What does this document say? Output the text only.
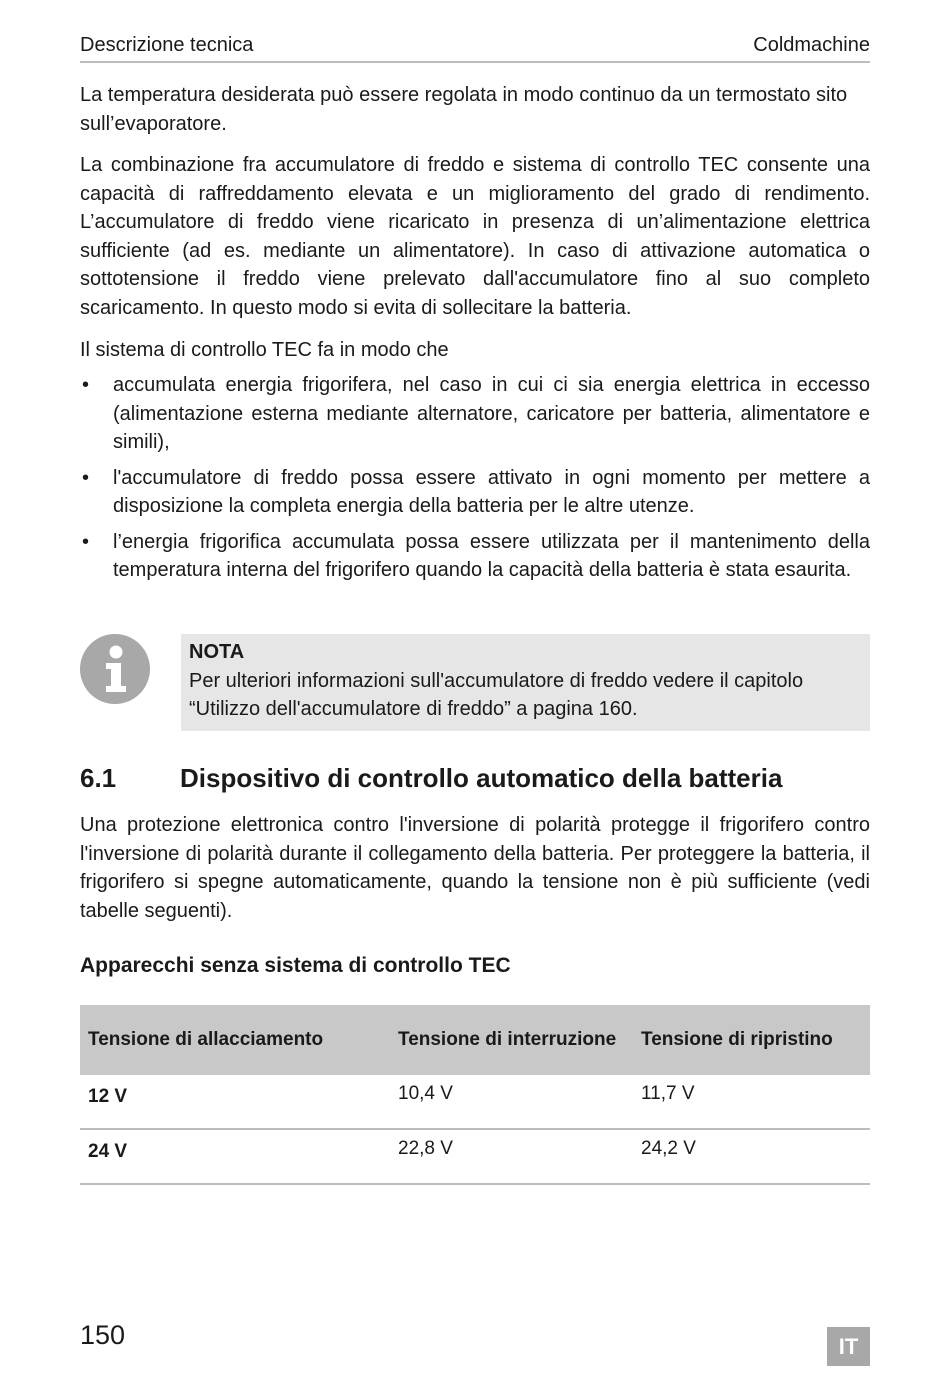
Descrizione tecnica	Coldmachine

La temperatura desiderata può essere regolata in modo continuo da un termostato sito sull’evaporatore.

La combinazione fra accumulatore di freddo e sistema di controllo TEC consente una capacità di raffreddamento elevata e un miglioramento del grado di rendimento. L’accumulatore di freddo viene ricaricato in presenza di un’alimentazione elettrica sufficiente (ad es. mediante un alimentatore). In caso di attivazione automatica o sottotensione il freddo viene prelevato dall'accumulatore fino al suo completo scaricamento. In questo modo si evita di sollecitare la batteria.

Il sistema di controllo TEC fa in modo che

• accumulata energia frigorifera, nel caso in cui ci sia energia elettrica in eccesso (alimentazione esterna mediante alternatore, caricatore per batteria, alimentatore e simili),
• l'accumulatore di freddo possa essere attivato in ogni momento per mettere a disposizione la completa energia della batteria per le altre utenze.
• l’energia frigorifica accumulata possa essere utilizzata per il mantenimento della temperatura interna del frigorifero quando la capacità della batteria è stata esaurita.

NOTA

Per ulteriori informazioni sull'accumulatore di freddo vedere il capitolo “Utilizzo dell'accumulatore di freddo” a pagina 160.

6.1	Dispositivo di controllo automatico della batteria

Una protezione elettronica contro l'inversione di polarità protegge il frigorifero contro l'inversione di polarità durante il collegamento della batteria. Per proteggere la batteria, il frigorifero si spegne automaticamente, quando la tensione non è più sufficiente (vedi tabelle seguenti).

Apparecchi senza sistema di controllo TEC
Tensione di allacciamento	Tensione di interruzione	Tensione di ripristino
12 V	10,4 V	11,7 V
24 V	22,8 V	24,2 V
150	IT
